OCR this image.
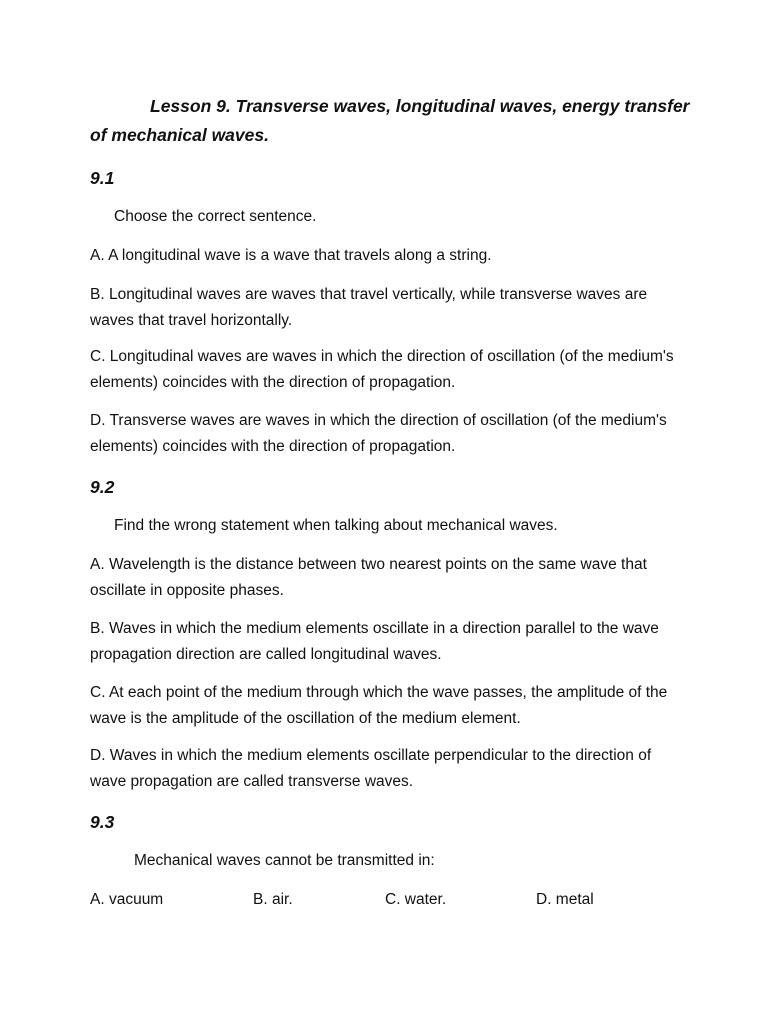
Lesson 9. Transverse waves, longitudinal waves, energy transfer of mechanical waves.
9.1
Choose the correct sentence.
A. A longitudinal wave is a wave that travels along a string.
B. Longitudinal waves are waves that travel vertically, while transverse waves are waves that travel horizontally.
C. Longitudinal waves are waves in which the direction of oscillation (of the medium's elements) coincides with the direction of propagation.
D. Transverse waves are waves in which the direction of oscillation (of the medium's elements) coincides with the direction of propagation.
9.2
Find the wrong statement when talking about mechanical waves.
A. Wavelength is the distance between two nearest points on the same wave that oscillate in opposite phases.
B. Waves in which the medium elements oscillate in a direction parallel to the wave propagation direction are called longitudinal waves.
C. At each point of the medium through which the wave passes, the amplitude of the wave is the amplitude of the oscillation of the medium element.
D. Waves in which the medium elements oscillate perpendicular to the direction of wave propagation are called transverse waves.
9.3
Mechanical waves cannot be transmitted in:
A. vacuum	B. air.	C. water.	D. metal
